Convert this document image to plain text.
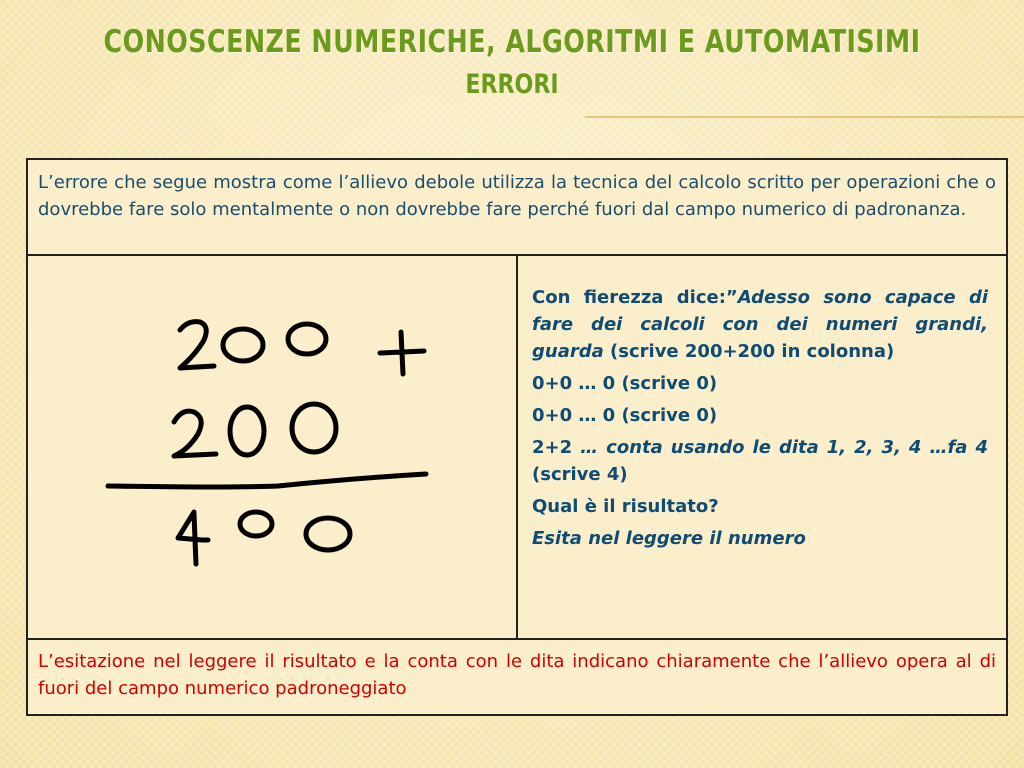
CONOSCENZE NUMERICHE, ALGORITMI E AUTOMATISIMI
ERRORI

L’errore che segue mostra come l’allievo debole utilizza la tecnica del calcolo scritto per operazioni che o dovrebbe fare solo mentalmente o non dovrebbe fare perché fuori dal campo numerico di padronanza.

Con fierezza dice:”Adesso sono capace di fare dei calcoli con dei numeri grandi, guarda (scrive 200+200 in colonna)

0+0 … 0 (scrive 0)

0+0 … 0 (scrive 0)

2+2 … conta usando le dita 1, 2, 3, 4 …fa 4 (scrive 4)

Qual è il risultato?

Esita nel leggere il numero

L’esitazione nel leggere il risultato e la conta con le dita indicano chiaramente che l’allievo opera al di fuori del campo numerico padroneggiato
